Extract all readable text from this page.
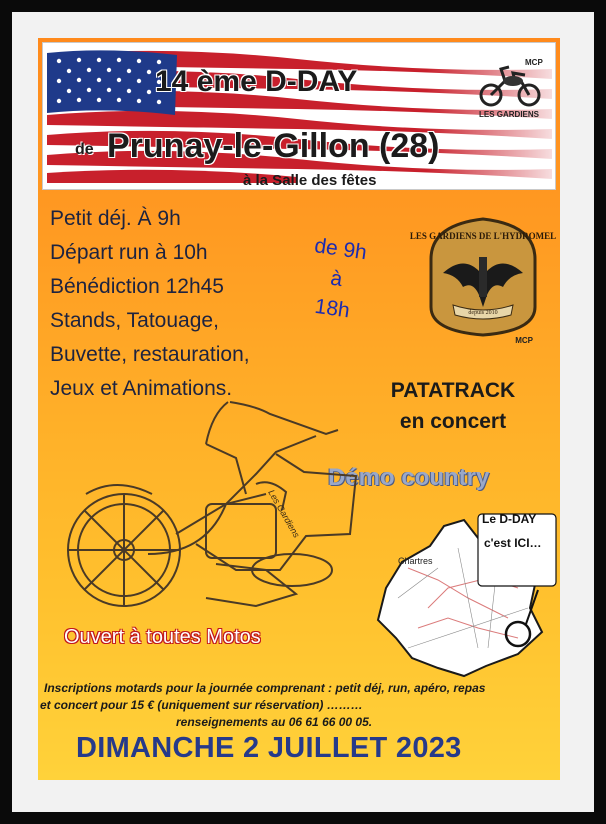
MCP
LES GARDIENS
14 ème D-DAY
de Prunay-le-Gillon (28)
à la Salle des fêtes
Petit déj. À 9h
Départ run à 10h
Bénédiction 12h45
Stands, Tatouage,
Buvette, restauration,
Jeux et Animations.
de 9h
à
18h
LES GARDIENS DE L'HYDROMEL
depuis 2010
MCP
PATATRACK
en concert
Démo country
Les Gardiens
Ouvert à toutes Motos
Le D-DAY
c'est ICI…
Chartres
Inscriptions motards pour la journée comprenant : petit déj, run, apéro, repas
et concert pour 15 € (uniquement sur réservation) ………
renseignements au 06 61 66 00 05.
DIMANCHE 2 JUILLET 2023
